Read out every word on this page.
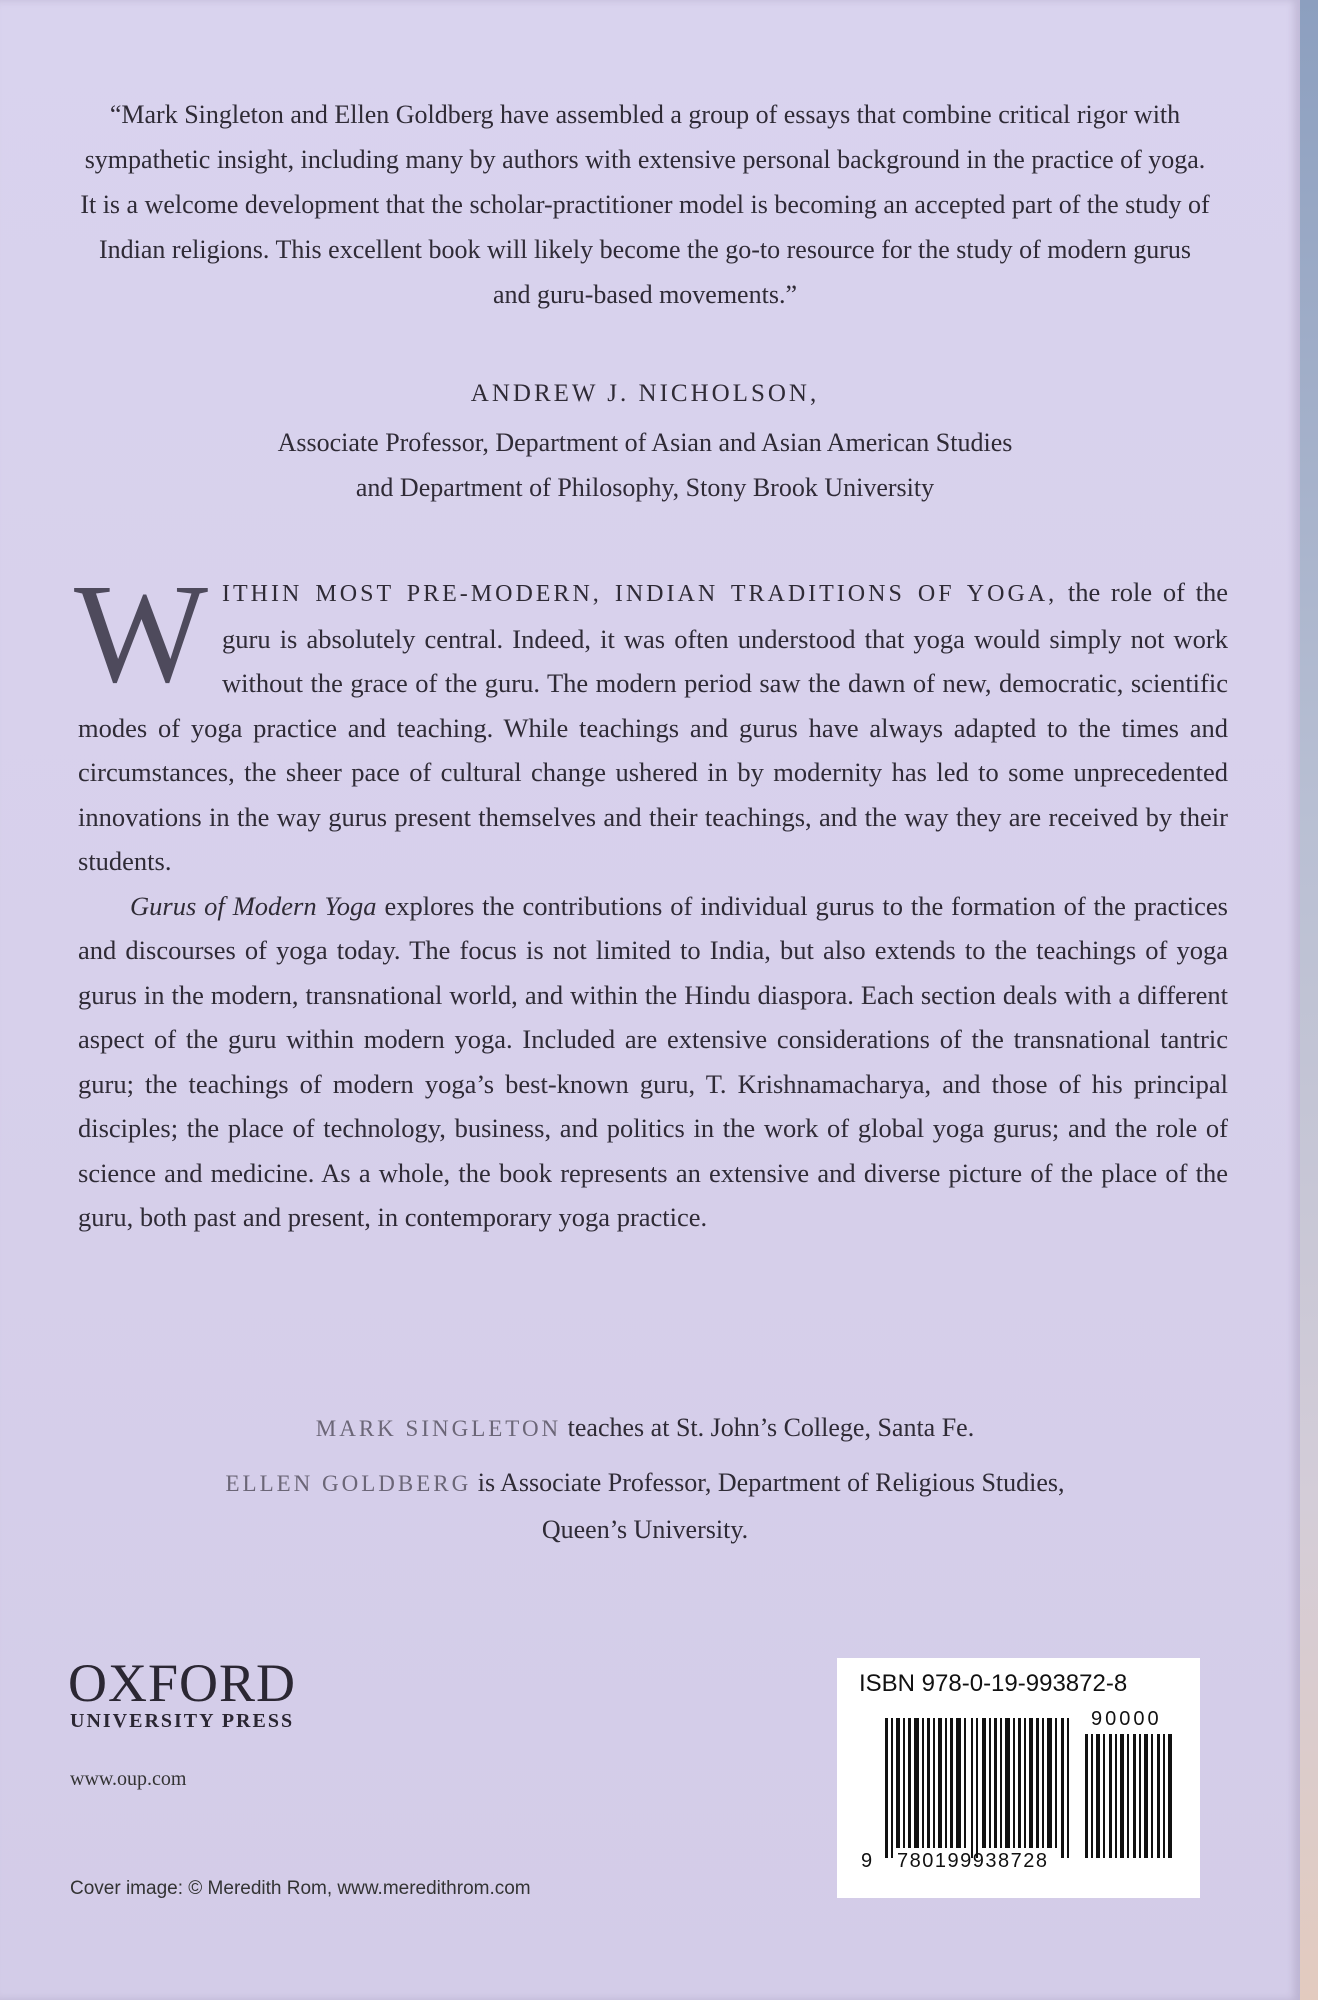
“Mark Singleton and Ellen Goldberg have assembled a group of essays that combine critical rigor with sympathetic insight, including many by authors with extensive personal background in the practice of yoga. It is a welcome development that the scholar-practitioner model is becoming an accepted part of the study of Indian religions. This excellent book will likely become the go-to resource for the study of modern gurus and guru-based movements.”
ANDREW J. NICHOLSON,
Associate Professor, Department of Asian and Asian American Studies
and Department of Philosophy, Stony Brook University

W ITHIN MOST PRE-MODERN, INDIAN TRADITIONS OF YOGA, the role of the guru is absolutely central. Indeed, it was often understood that yoga would simply not work without the grace of the guru. The modern period saw the dawn of new, democratic, scientific modes of yoga practice and teaching. While teachings and gurus have always adapted to the times and circumstances, the sheer pace of cultural change ushered in by modernity has led to some unprecedented innovations in the way gurus present themselves and their teachings, and the way they are received by their students.

Gurus of Modern Yoga explores the contributions of individual gurus to the formation of the practices and discourses of yoga today. The focus is not limited to India, but also extends to the teachings of yoga gurus in the modern, transnational world, and within the Hindu diaspora. Each section deals with a different aspect of the guru within modern yoga. Included are extensive considerations of the transnational tantric guru; the teachings of modern yoga’s best-known guru, T. Krishnamacharya, and those of his principal disciples; the place of technology, business, and politics in the work of global yoga gurus; and the role of science and medicine. As a whole, the book represents an extensive and diverse picture of the place of the guru, both past and present, in contemporary yoga practice.

MARK SINGLETON teaches at St. John’s College, Santa Fe.
ELLEN GOLDBERG is Associate Professor, Department of Religious Studies,
Queen’s University.
OXFORD
UNIVERSITY PRESS
www.oup.com
Cover image: © Meredith Rom, www.meredithrom.com
ISBN 978-0-19-993872-8
90000
9 780199938728
